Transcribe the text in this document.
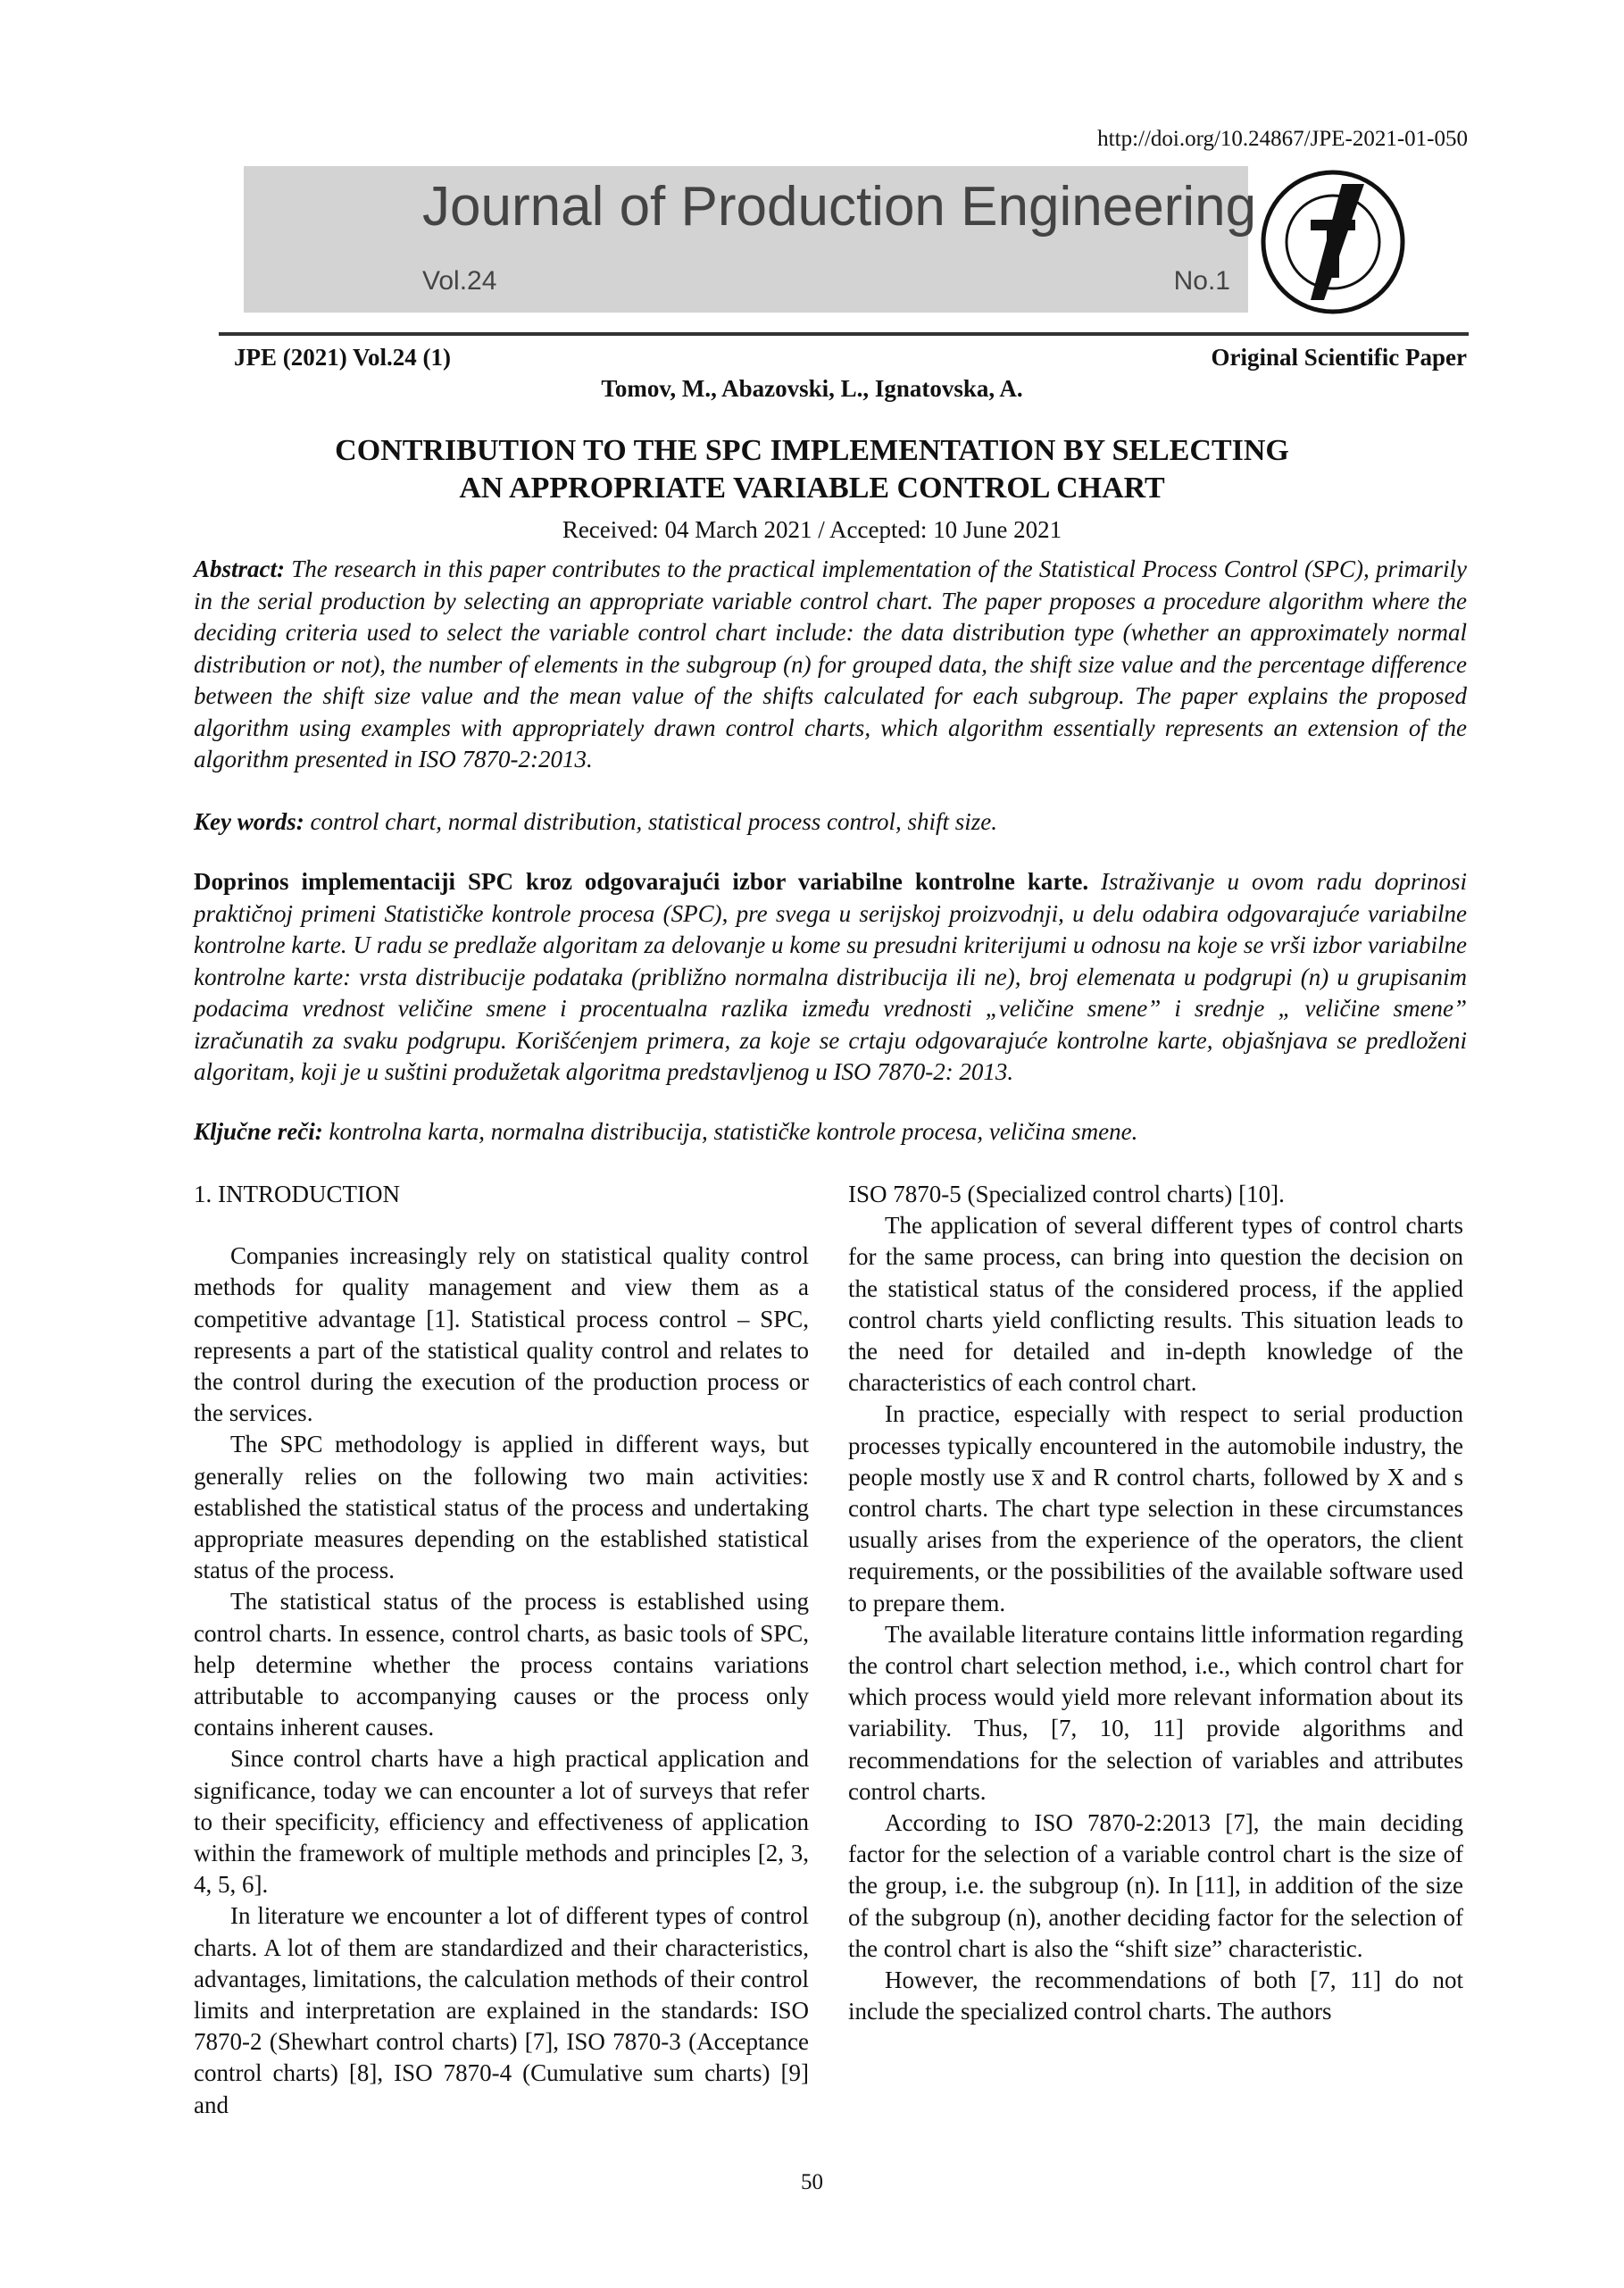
http://doi.org/10.24867/JPE-2021-01-050
Journal of Production Engineering
Vol.24	No.1
JPE (2021) Vol.24 (1)	Original Scientific Paper
Tomov, M., Abazovski, L., Ignatovska, A.
CONTRIBUTION TO THE SPC IMPLEMENTATION BY SELECTING
AN APPROPRIATE VARIABLE CONTROL CHART
Received: 04 March 2021 / Accepted: 10 June 2021
Abstract: The research in this paper contributes to the practical implementation of the Statistical Process Control (SPC), primarily in the serial production by selecting an appropriate variable control chart. The paper proposes a procedure algorithm where the deciding criteria used to select the variable control chart include: the data distribution type (whether an approximately normal distribution or not), the number of elements in the subgroup (n) for grouped data, the shift size value and the percentage difference between the shift size value and the mean value of the shifts calculated for each subgroup. The paper explains the proposed algorithm using examples with appropriately drawn control charts, which algorithm essentially represents an extension of the algorithm presented in ISO 7870-2:2013.
Key words: control chart, normal distribution, statistical process control, shift size.
Doprinos implementaciji SPC kroz odgovarajući izbor variabilne kontrolne karte. Istraživanje u ovom radu doprinosi praktičnoj primeni Statističke kontrole procesa (SPC), pre svega u serijskoj proizvodnji, u delu odabira odgovarajuće variabilne kontrolne karte. U radu se predlaže algoritam za delovanje u kome su presudni kriterijumi u odnosu na koje se vrši izbor variabilne kontrolne karte: vrsta distribucije podataka (približno normalna distribucija ili ne), broj elemenata u podgrupi (n) u grupisanim podacima vrednost veličine smene i procentualna razlika između vrednosti „veličine smene” i srednje „ veličine smene” izračunatih za svaku podgrupu. Korišćenjem primera, za koje se crtaju odgovarajuće kontrolne karte, objašnjava se predloženi algoritam, koji je u suštini produžetak algoritma predstavljenog u ISO 7870-2: 2013.
Ključne reči: kontrolna karta, normalna distribucija, statističke kontrole procesa, veličina smene.

1. INTRODUCTION

Companies increasingly rely on statistical quality control methods for quality management and view them as a competitive advantage [1]. Statistical process control – SPC, represents a part of the statistical quality control and relates to the control during the execution of the production process or the services.

The SPC methodology is applied in different ways, but generally relies on the following two main activities: established the statistical status of the process and undertaking appropriate measures depending on the established statistical status of the process.

The statistical status of the process is established using control charts. In essence, control charts, as basic tools of SPC, help determine whether the process contains variations attributable to accompanying causes or the process only contains inherent causes.

Since control charts have a high practical application and significance, today we can encounter a lot of surveys that refer to their specificity, efficiency and effectiveness of application within the framework of multiple methods and principles [2, 3, 4, 5, 6].

In literature we encounter a lot of different types of control charts. A lot of them are standardized and their characteristics, advantages, limitations, the calculation methods of their control limits and interpretation are explained in the standards: ISO 7870-2 (Shewhart control charts) [7], ISO 7870-3 (Acceptance control charts) [8], ISO 7870-4 (Cumulative sum charts) [9] and

ISO 7870-5 (Specialized control charts) [10].

The application of several different types of control charts for the same process, can bring into question the decision on the statistical status of the considered process, if the applied control charts yield conflicting results. This situation leads to the need for detailed and in-depth knowledge of the characteristics of each control chart.

In practice, especially with respect to serial production processes typically encountered in the automobile industry, the people mostly use x̅ and R control charts, followed by X and s control charts. The chart type selection in these circumstances usually arises from the experience of the operators, the client requirements, or the possibilities of the available software used to prepare them.

The available literature contains little information regarding the control chart selection method, i.e., which control chart for which process would yield more relevant information about its variability. Thus, [7, 10, 11] provide algorithms and recommendations for the selection of variables and attributes control charts.

According to ISO 7870-2:2013 [7], the main deciding factor for the selection of a variable control chart is the size of the group, i.e. the subgroup (n). In [11], in addition of the size of the subgroup (n), another deciding factor for the selection of the control chart is also the “shift size” characteristic.

However, the recommendations of both [7, 11] do not include the specialized control charts. The authors

50
